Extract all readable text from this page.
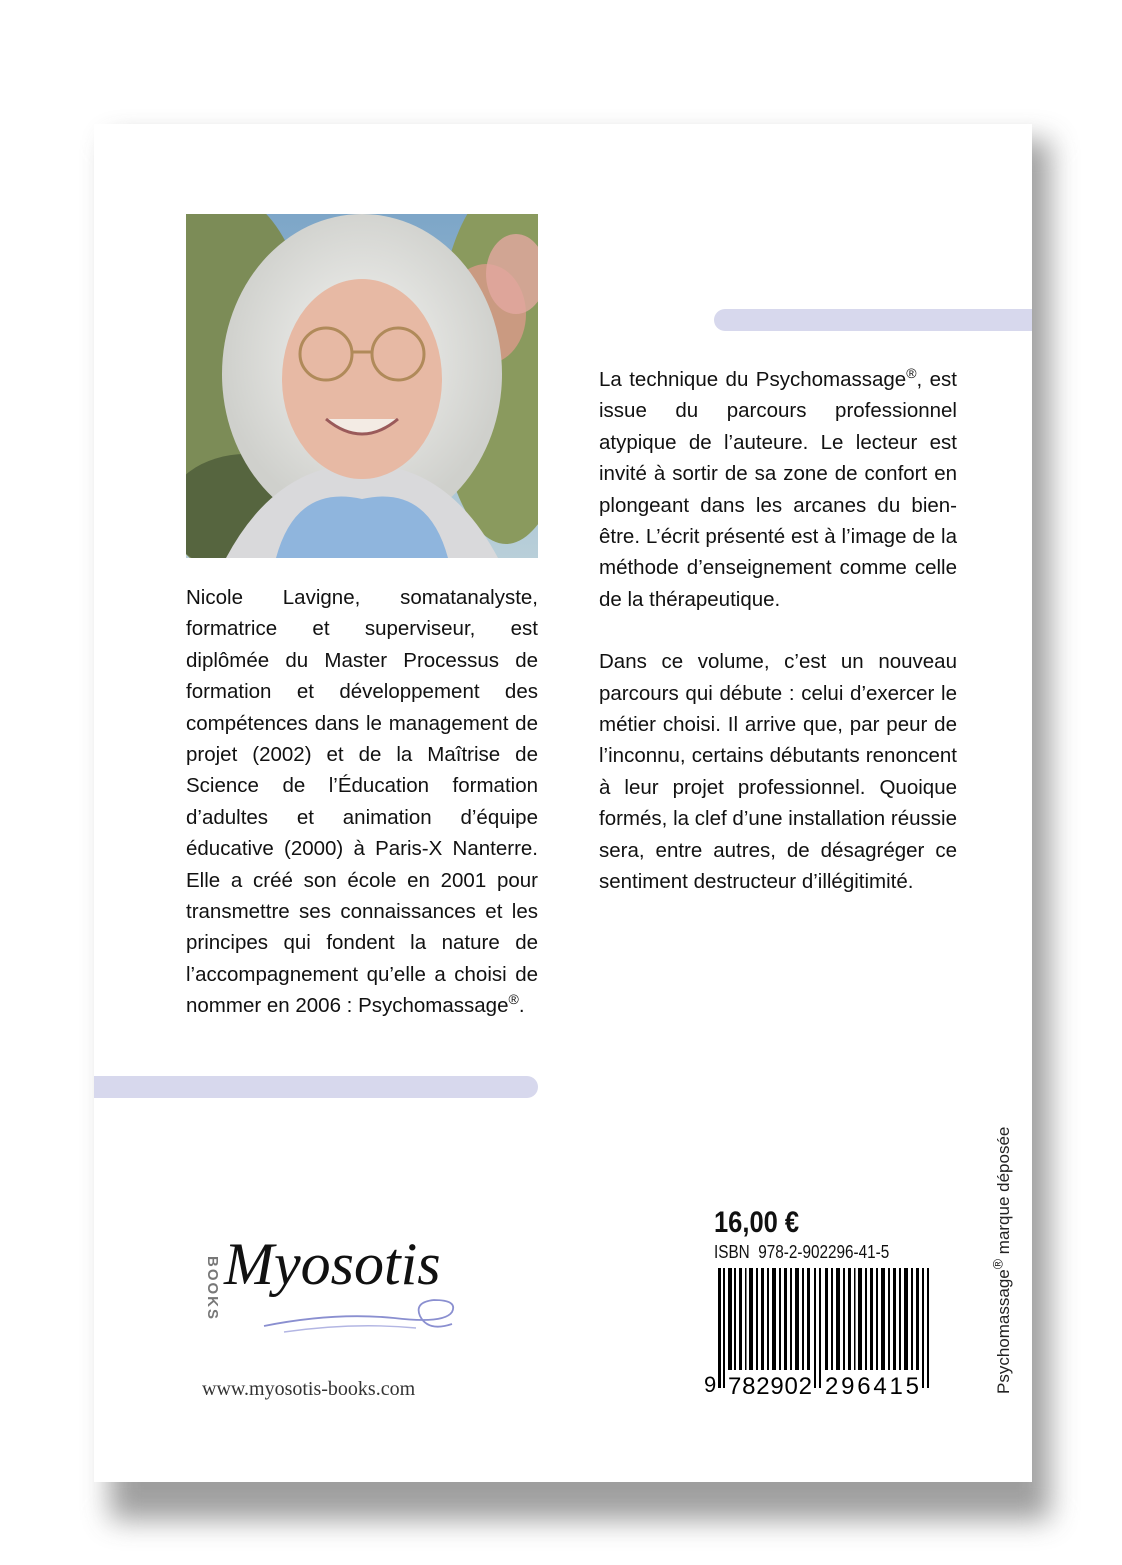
Nicole Lavigne, somatanalyste, formatrice et superviseur, est diplômée du Master Processus de formation et développement des compétences dans le management de projet (2002) et de la Maîtrise de Science de l’Éducation formation d’adultes et animation d’équipe éducative (2000) à Paris-X Nanterre. Elle a créé son école en 2001 pour transmettre ses connaissances et les principes qui fondent la nature de l’accompagnement qu’elle a choisi de nommer en 2006 : Psychomassage®.

La technique du Psychomassage®, est issue du parcours professionnel atypique de l’auteure. Le lecteur est invité à sortir de sa zone de confort en plongeant dans les arcanes du bien-être. L’écrit présenté est à l’image de la méthode d’enseignement comme celle de la thérapeutique.

Dans ce volume, c’est un nouveau parcours qui débute : celui d’exercer le métier choisi. Il arrive que, par peur de l’inconnu, certains débutants renoncent à leur projet professionnel. Quoique formés, la clef d’une installation réussie sera, entre autres, de désagréger ce sentiment destructeur d’illégitimité.

BOOKS Myosotis
www.myosotis-books.com
16,00 €
ISBN 978-2-902296-41-5
9 782902 296415	Psychomassage® marque déposée
